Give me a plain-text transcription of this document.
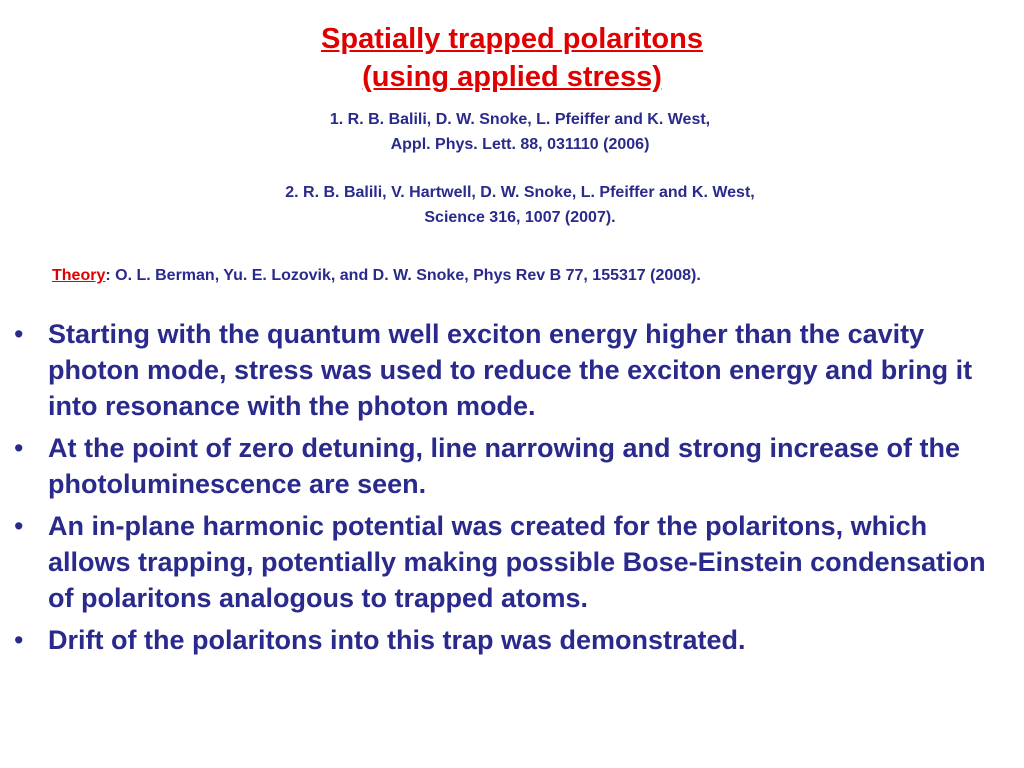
Spatially trapped polaritons
(using applied stress)
1. R. B. Balili, D. W. Snoke, L. Pfeiffer and K. West,
Appl. Phys. Lett. 88, 031110 (2006)
2. R. B. Balili, V. Hartwell, D. W. Snoke, L. Pfeiffer and K. West,
Science 316, 1007 (2007).
Theory: O. L. Berman, Yu. E. Lozovik, and D. W. Snoke, Phys Rev B 77, 155317 (2008).
• Starting with the quantum well exciton energy higher than the cavity photon mode, stress was used to reduce the exciton energy and bring it into resonance with the photon mode.
• At the point of zero detuning, line narrowing and strong increase of the photoluminescence are seen.
• An in-plane harmonic potential was created for the polaritons, which allows trapping, potentially making possible Bose-Einstein condensation of polaritons analogous to trapped atoms.
• Drift of the polaritons into this trap was demonstrated.
